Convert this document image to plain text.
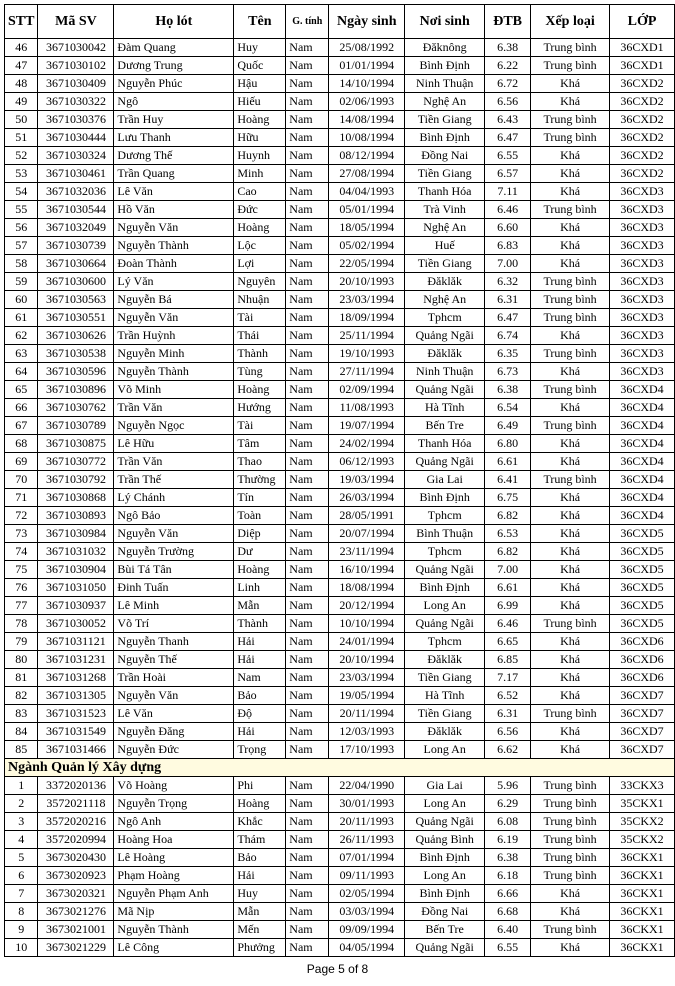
STT	Mã SV	Họ lót	Tên	G. tính	Ngày sinh	Nơi sinh	ĐTB	Xếp loại	LỚP
46	3671030042	Đàm Quang	Huy	Nam	25/08/1992	Đăknông	6.38	Trung bình	36CXD1
47	3671030102	Dương Trung	Quốc	Nam	01/01/1994	Bình Định	6.22	Trung bình	36CXD1
48	3671030409	Nguyễn Phúc	Hậu	Nam	14/10/1994	Ninh Thuận	6.72	Khá	36CXD2
49	3671030322	Ngô	Hiếu	Nam	02/06/1993	Nghệ An	6.56	Khá	36CXD2
50	3671030376	Trần Huy	Hoàng	Nam	14/08/1994	Tiền Giang	6.43	Trung bình	36CXD2
51	3671030444	Lưu Thanh	Hữu	Nam	10/08/1994	Bình Định	6.47	Trung bình	36CXD2
52	3671030324	Dương Thế	Huynh	Nam	08/12/1994	Đồng Nai	6.55	Khá	36CXD2
53	3671030461	Trần Quang	Minh	Nam	27/08/1994	Tiền Giang	6.57	Khá	36CXD2
54	3671032036	Lê Văn	Cao	Nam	04/04/1993	Thanh Hóa	7.11	Khá	36CXD3
55	3671030544	Hồ Văn	Đức	Nam	05/01/1994	Trà Vinh	6.46	Trung bình	36CXD3
56	3671032049	Nguyễn Văn	Hoàng	Nam	18/05/1994	Nghệ An	6.60	Khá	36CXD3
57	3671030739	Nguyễn Thành	Lộc	Nam	05/02/1994	Huế	6.83	Khá	36CXD3
58	3671030664	Đoàn Thành	Lợi	Nam	22/05/1994	Tiền Giang	7.00	Khá	36CXD3
59	3671030600	Lý Văn	Nguyên	Nam	20/10/1993	Đăklăk	6.32	Trung bình	36CXD3
60	3671030563	Nguyễn Bá	Nhuận	Nam	23/03/1994	Nghệ An	6.31	Trung bình	36CXD3
61	3671030551	Nguyễn Văn	Tài	Nam	18/09/1994	Tphcm	6.47	Trung bình	36CXD3
62	3671030626	Trần Huỳnh	Thái	Nam	25/11/1994	Quảng Ngãi	6.74	Khá	36CXD3
63	3671030538	Nguyễn Minh	Thành	Nam	19/10/1993	Đăklăk	6.35	Trung bình	36CXD3
64	3671030596	Nguyễn Thành	Tùng	Nam	27/11/1994	Ninh Thuận	6.73	Khá	36CXD3
65	3671030896	Võ Minh	Hoàng	Nam	02/09/1994	Quảng Ngãi	6.38	Trung bình	36CXD4
66	3671030762	Trần Văn	Hướng	Nam	11/08/1993	Hà Tĩnh	6.54	Khá	36CXD4
67	3671030789	Nguyễn Ngọc	Tài	Nam	19/07/1994	Bến Tre	6.49	Trung bình	36CXD4
68	3671030875	Lê Hữu	Tâm	Nam	24/02/1994	Thanh Hóa	6.80	Khá	36CXD4
69	3671030772	Trần Văn	Thao	Nam	06/12/1993	Quảng Ngãi	6.61	Khá	36CXD4
70	3671030792	Trần Thế	Thường	Nam	19/03/1994	Gia Lai	6.41	Trung bình	36CXD4
71	3671030868	Lý Chánh	Tín	Nam	26/03/1994	Bình Định	6.75	Khá	36CXD4
72	3671030893	Ngô Bảo	Toàn	Nam	28/05/1991	Tphcm	6.82	Khá	36CXD4
73	3671030984	Nguyễn Văn	Diệp	Nam	20/07/1994	Bình Thuận	6.53	Khá	36CXD5
74	3671031032	Nguyễn Trường	Dư	Nam	23/11/1994	Tphcm	6.82	Khá	36CXD5
75	3671030904	Bùi Tá Tân	Hoàng	Nam	16/10/1994	Quảng Ngãi	7.00	Khá	36CXD5
76	3671031050	Đinh Tuấn	Linh	Nam	18/08/1994	Bình Định	6.61	Khá	36CXD5
77	3671030937	Lê Minh	Mẫn	Nam	20/12/1994	Long An	6.99	Khá	36CXD5
78	3671030052	Võ Trí	Thành	Nam	10/10/1994	Quảng Ngãi	6.46	Trung bình	36CXD5
79	3671031121	Nguyễn Thanh	Hải	Nam	24/01/1994	Tphcm	6.65	Khá	36CXD6
80	3671031231	Nguyễn Thế	Hải	Nam	20/10/1994	Đăklăk	6.85	Khá	36CXD6
81	3671031268	Trần Hoài	Nam	Nam	23/03/1994	Tiền Giang	7.17	Khá	36CXD6
82	3671031305	Nguyễn Văn	Bảo	Nam	19/05/1994	Hà Tĩnh	6.52	Khá	36CXD7
83	3671031523	Lê Văn	Độ	Nam	20/11/1994	Tiền Giang	6.31	Trung bình	36CXD7
84	3671031549	Nguyễn Đăng	Hải	Nam	12/03/1993	Đăklăk	6.56	Khá	36CXD7
85	3671031466	Nguyễn Đức	Trọng	Nam	17/10/1993	Long An	6.62	Khá	36CXD7
Ngành Quản lý Xây dựng									
1	3372020136	Võ Hoàng	Phi	Nam	22/04/1990	Gia Lai	5.96	Trung bình	33CKX3
2	3572021118	Nguyễn Trọng	Hoàng	Nam	30/01/1993	Long An	6.29	Trung bình	35CKX1
3	3572020216	Ngô Anh	Khắc	Nam	20/11/1993	Quảng Ngãi	6.08	Trung bình	35CKX2
4	3572020994	Hoàng Hoa	Thám	Nam	26/11/1993	Quảng Bình	6.19	Trung bình	35CKX2
5	3673020430	Lê Hoàng	Bảo	Nam	07/01/1994	Bình Định	6.38	Trung bình	36CKX1
6	3673020923	Phạm Hoàng	Hải	Nam	09/11/1993	Long An	6.18	Trung bình	36CKX1
7	3673020321	Nguyễn Phạm Anh	Huy	Nam	02/05/1994	Bình Định	6.66	Khá	36CKX1
8	3673021276	Mã Nịp	Mẫn	Nam	03/03/1994	Đồng Nai	6.68	Khá	36CKX1
9	3673021001	Nguyễn Thành	Mến	Nam	09/09/1994	Bến Tre	6.40	Trung bình	36CKX1
10	3673021229	Lê Công	Phưởng	Nam	04/05/1994	Quảng Ngãi	6.55	Khá	36CKX1
Page 5 of 8
